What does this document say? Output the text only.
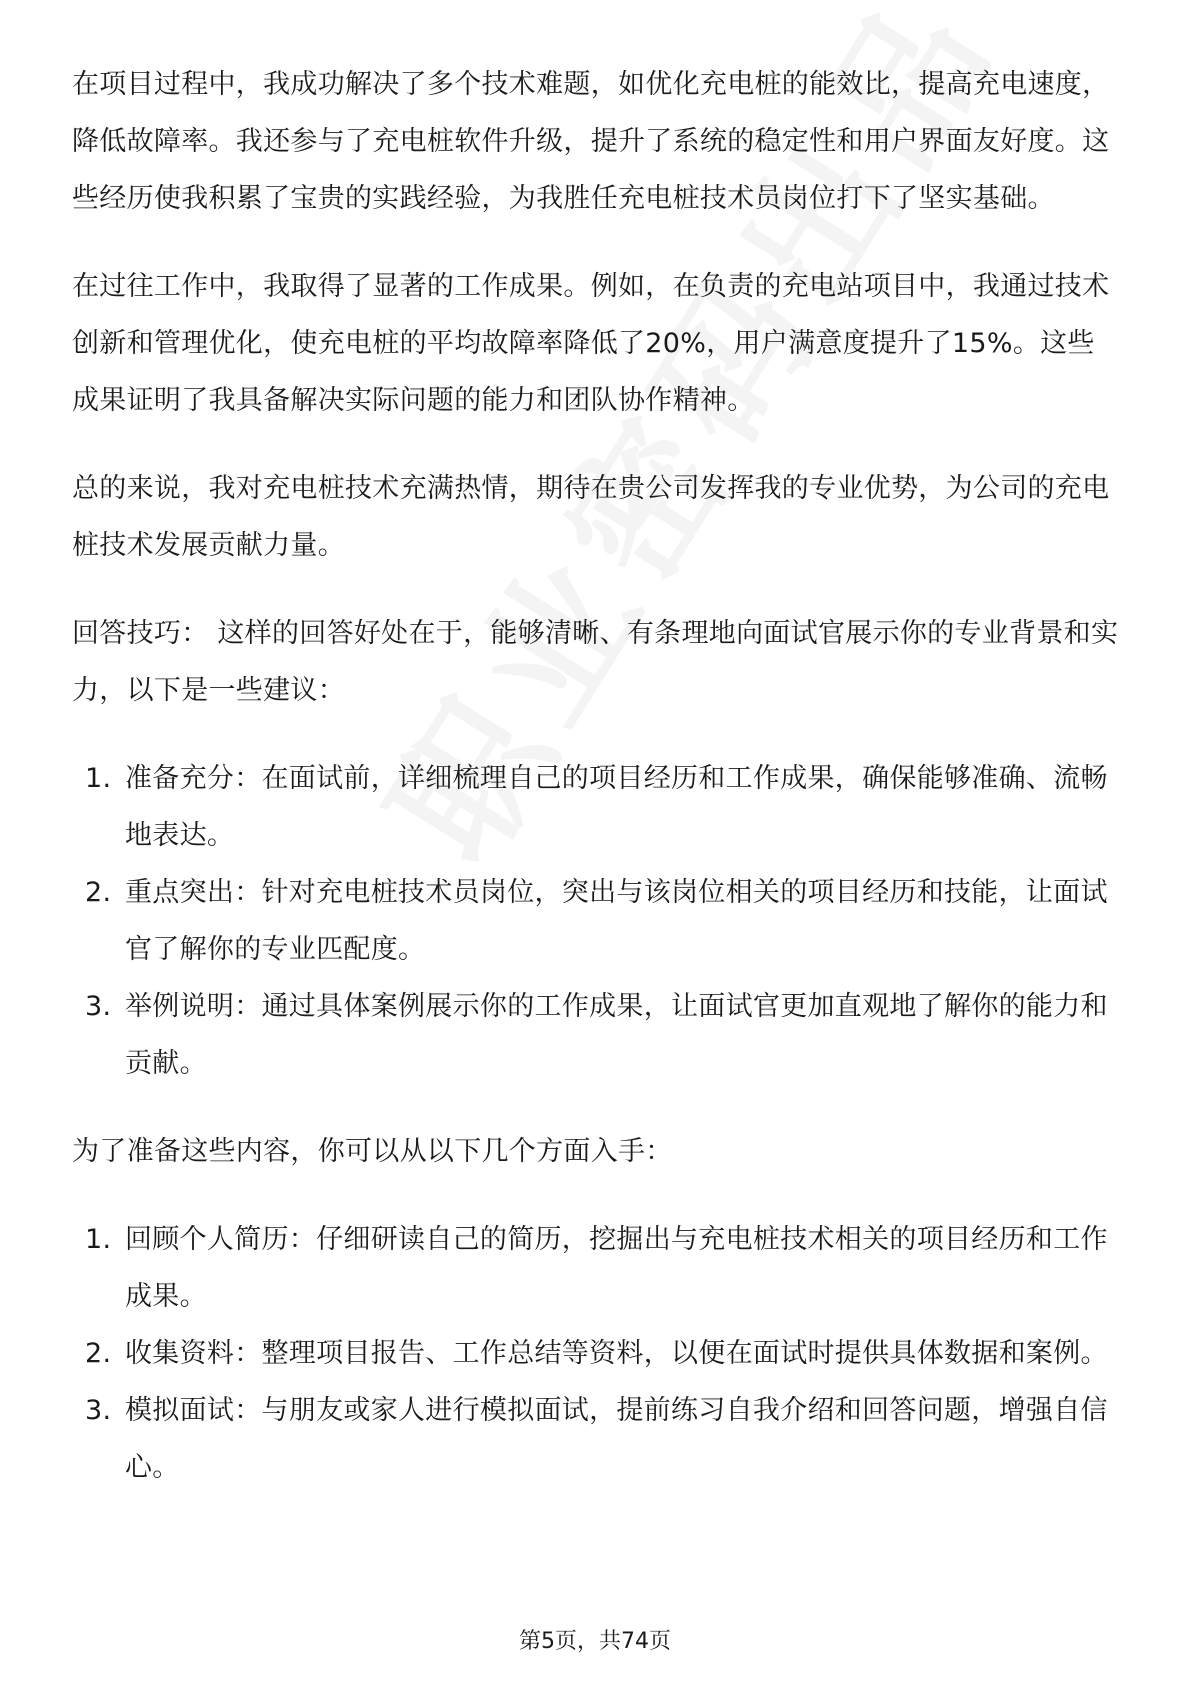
在项目过程中，我成功解决了多个技术难题，如优化充电桩的能效比，提高充电速度，降低故障率。我还参与了充电桩软件升级，提升了系统的稳定性和用户界面友好度。这些经历使我积累了宝贵的实践经验，为我胜任充电桩技术员岗位打下了坚实基础。

在过往工作中，我取得了显著的工作成果。例如，在负责的充电站项目中，我通过技术创新和管理优化，使充电桩的平均故障率降低了20%，用户满意度提升了15%。这些成果证明了我具备解决实际问题的能力和团队协作精神。

总的来说，我对充电桩技术充满热情，期待在贵公司发挥我的专业优势，为公司的充电桩技术发展贡献力量。

回答技巧： 这样的回答好处在于，能够清晰、有条理地向面试官展示你的专业背景和实力，以下是一些建议：

1. 准备充分：在面试前，详细梳理自己的项目经历和工作成果，确保能够准确、流畅地表达。
2. 重点突出：针对充电桩技术员岗位，突出与该岗位相关的项目经历和技能，让面试官了解你的专业匹配度。
3. 举例说明：通过具体案例展示你的工作成果，让面试官更加直观地了解你的能力和贡献。

为了准备这些内容，你可以从以下几个方面入手：

1. 回顾个人简历：仔细研读自己的简历，挖掘出与充电桩技术相关的项目经历和工作成果。
2. 收集资料：整理项目报告、工作总结等资料，以便在面试时提供具体数据和案例。
3. 模拟面试：与朋友或家人进行模拟面试，提前练习自我介绍和回答问题，增强自信心。
第5页，共74页
